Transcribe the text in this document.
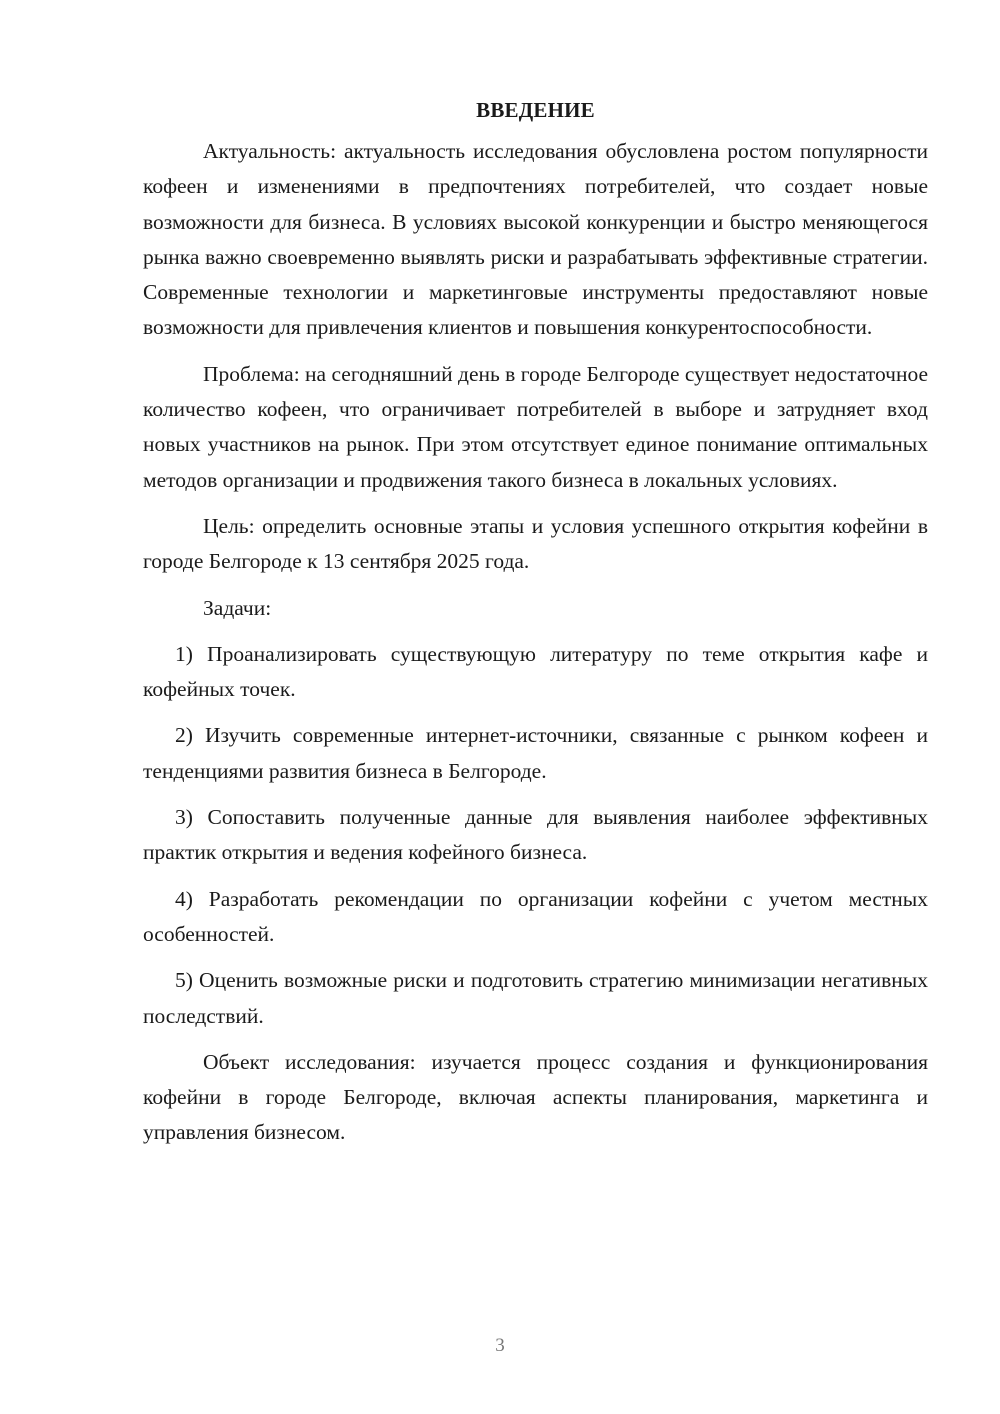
ВВЕДЕНИЕ

Актуальность: актуальность исследования обусловлена ростом популярности кофеен и изменениями в предпочтениях потребителей, что создает новые возможности для бизнеса. В условиях высокой конкуренции и быстро меняющегося рынка важно своевременно выявлять риски и разрабатывать эффективные стратегии. Современные технологии и маркетинговые инструменты предоставляют новые возможности для привлечения клиентов и повышения конкурентоспособности.

Проблема: на сегодняшний день в городе Белгороде существует недостаточное количество кофеен, что ограничивает потребителей в выборе и затрудняет вход новых участников на рынок. При этом отсутствует единое понимание оптимальных методов организации и продвижения такого бизнеса в локальных условиях.

Цель: определить основные этапы и условия успешного открытия кофейни в городе Белгороде к 13 сентября 2025 года.

Задачи:

1) Проанализировать существующую литературу по теме открытия кафе и кофейных точек.

2) Изучить современные интернет-источники, связанные с рынком кофеен и тенденциями развития бизнеса в Белгороде.

3) Сопоставить полученные данные для выявления наиболее эффективных практик открытия и ведения кофейного бизнеса.

4) Разработать рекомендации по организации кофейни с учетом местных особенностей.

5) Оценить возможные риски и подготовить стратегию минимизации негативных последствий.

Объект исследования: изучается процесс создания и функционирования кофейни в городе Белгороде, включая аспекты планирования, маркетинга и управления бизнесом.

3
